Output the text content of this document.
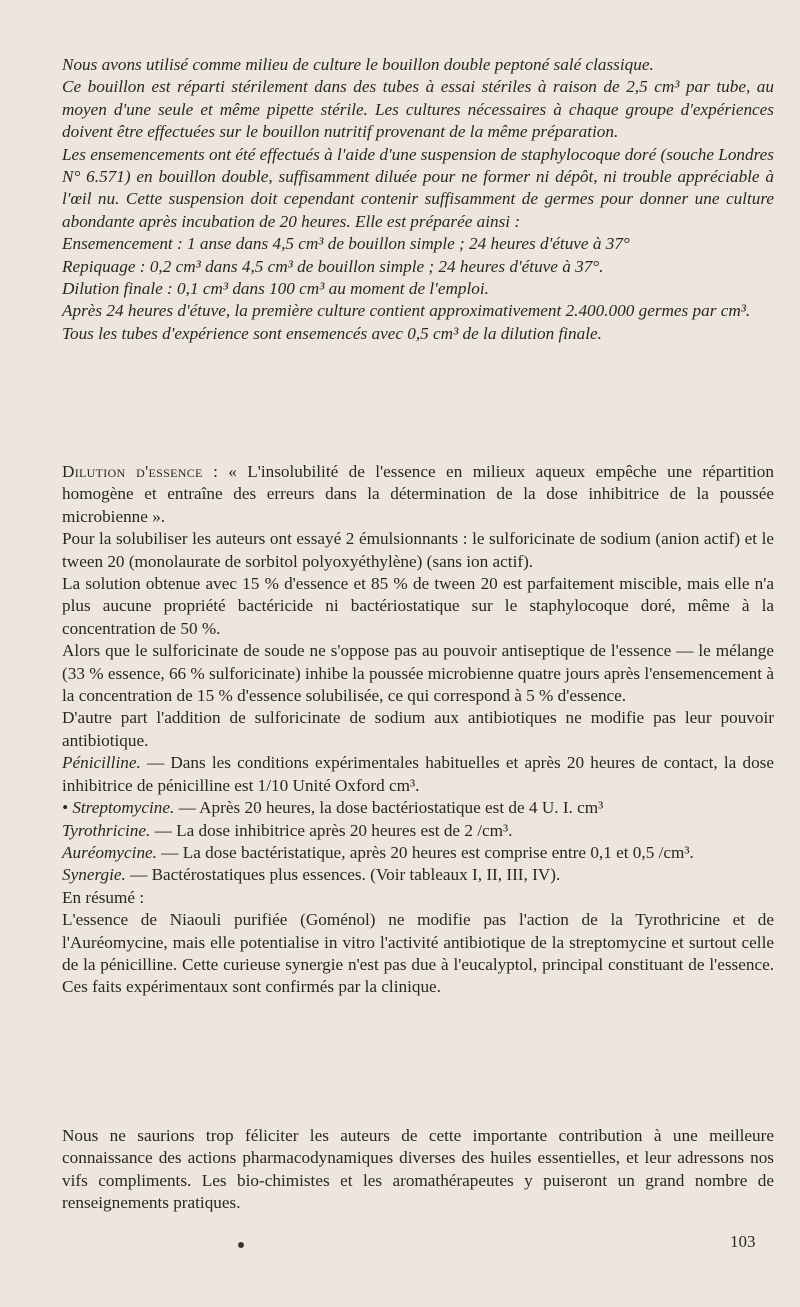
Nous avons utilisé comme milieu de culture le bouillon double peptoné salé classique.

Ce bouillon est réparti stérilement dans des tubes à essai stériles à raison de 2,5 cm³ par tube, au moyen d'une seule et même pipette stérile. Les cultures nécessaires à chaque groupe d'expériences doivent être effectuées sur le bouillon nutritif provenant de la même préparation.

Les ensemencements ont été effectués à l'aide d'une suspension de staphylocoque doré (souche Londres N° 6.571) en bouillon double, suffisamment diluée pour ne former ni dépôt, ni trouble appréciable à l'œil nu. Cette suspension doit cependant contenir suffisamment de germes pour donner une culture abondante après incubation de 20 heures. Elle est préparée ainsi :

Ensemencement : 1 anse dans 4,5 cm³ de bouillon simple ; 24 heures d'étuve à 37°

Repiquage : 0,2 cm³ dans 4,5 cm³ de bouillon simple ; 24 heures d'étuve à 37°.

Dilution finale : 0,1 cm³ dans 100 cm³ au moment de l'emploi.

Après 24 heures d'étuve, la première culture contient approximativement 2.400.000 germes par cm³.

Tous les tubes d'expérience sont ensemencés avec 0,5 cm³ de la dilution finale.

Dilution d'essence : « L'insolubilité de l'essence en milieux aqueux empêche une répartition homogène et entraîne des erreurs dans la détermination de la dose inhibitrice de la poussée microbienne ».

Pour la solubiliser les auteurs ont essayé 2 émulsionnants : le sulforicinate de sodium (anion actif) et le tween 20 (monolaurate de sorbitol polyoxyéthylène) (sans ion actif).

La solution obtenue avec 15 % d'essence et 85 % de tween 20 est parfaitement miscible, mais elle n'a plus aucune propriété bactéricide ni bactériostatique sur le staphylocoque doré, même à la concentration de 50 %.

Alors que le sulforicinate de soude ne s'oppose pas au pouvoir antiseptique de l'essence — le mélange (33 % essence, 66 % sulforicinate) inhibe la poussée microbienne quatre jours après l'ensemencement à la concentration de 15 % d'essence solubilisée, ce qui correspond à 5 % d'essence.

D'autre part l'addition de sulforicinate de sodium aux antibiotiques ne modifie pas leur pouvoir antibiotique.

Pénicilline. — Dans les conditions expérimentales habituelles et après 20 heures de contact, la dose inhibitrice de pénicilline est 1/10 Unité Oxford cm³.

• Streptomycine. — Après 20 heures, la dose bactériostatique est de 4 U. I. cm³

Tyrothricine. — La dose inhibitrice après 20 heures est de 2 /cm³.

Auréomycine. — La dose bactéristatique, après 20 heures est comprise entre 0,1 et 0,5 /cm³.

Synergie. — Bactérostatiques plus essences. (Voir tableaux I, II, III, IV).

En résumé :

L'essence de Niaouli purifiée (Goménol) ne modifie pas l'action de la Tyrothricine et de l'Auréomycine, mais elle potentialise in vitro l'activité antibiotique de la streptomycine et surtout celle de la pénicilline. Cette curieuse synergie n'est pas due à l'eucalyptol, principal constituant de l'essence. Ces faits expérimentaux sont confirmés par la clinique.

Nous ne saurions trop féliciter les auteurs de cette importante contribution à une meilleure connaissance des actions pharmacodynamiques diverses des huiles essentielles, et leur adressons nos vifs compliments. Les bio-chimistes et les aromathérapeutes y puiseront un grand nombre de renseignements pratiques.

103
